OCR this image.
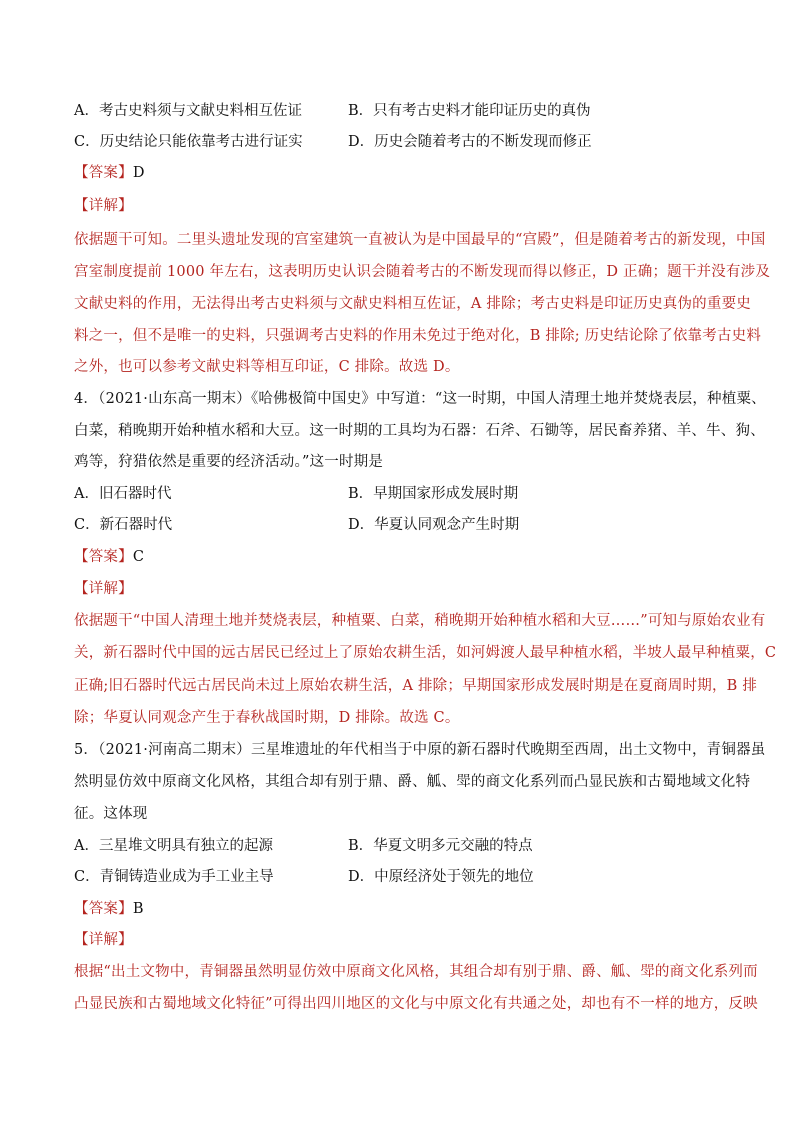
A．考古史料须与文献史料相互佐证	B．只有考古史料才能印证历史的真伪
C．历史结论只能依靠考古进行证实	D．历史会随着考古的不断发现而修正
【答案】D
【详解】
依据题干可知。二里头遗址发现的宫室建筑一直被认为是中国最早的“宫殿”，但是随着考古的新发现，中国
宫室制度提前 1000 年左右，这表明历史认识会随着考古的不断发现而得以修正，D 正确；题干并没有涉及
文献史料的作用，无法得出考古史料须与文献史料相互佐证，A 排除；考古史料是印证历史真伪的重要史
料之一，但不是唯一的史料，只强调考古史料的作用未免过于绝对化，B 排除; 历史结论除了依靠考古史料
之外，也可以参考文献史料等相互印证，C 排除。故选 D。
4．（2021·山东高一期末）《哈佛极简中国史》中写道：“这一时期，中国人清理土地并焚烧表层，种植粟、
白菜，稍晚期开始种植水稻和大豆。这一时期的工具均为石器：石斧、石锄等，居民畜养猪、羊、牛、狗、
鸡等，狩猎依然是重要的经济活动。”这一时期是
A．旧石器时代	B．早期国家形成发展时期
C．新石器时代	D．华夏认同观念产生时期
【答案】C
【详解】
依据题干“中国人清理土地并焚烧表层，种植粟、白菜，稍晚期开始种植水稻和大豆……”可知与原始农业有
关，新石器时代中国的远古居民已经过上了原始农耕生活，如河姆渡人最早种植水稻，半坡人最早种植粟，C
正确;旧石器时代远古居民尚未过上原始农耕生活，A 排除；早期国家形成发展时期是在夏商周时期，B 排
除；华夏认同观念产生于春秋战国时期，D 排除。故选 C。
5．（2021·河南高二期末）三星堆遗址的年代相当于中原的新石器时代晚期至西周，出土文物中，青铜器虽
然明显仿效中原商文化风格，其组合却有别于鼎、爵、觚、斝的商文化系列而凸显民族和古蜀地域文化特
征。这体现
A．三星堆文明具有独立的起源	B．华夏文明多元交融的特点
C．青铜铸造业成为手工业主导	D．中原经济处于领先的地位
【答案】B
【详解】
根据“出土文物中，青铜器虽然明显仿效中原商文化风格，其组合却有别于鼎、爵、觚、斝的商文化系列而
凸显民族和古蜀地域文化特征”可得出四川地区的文化与中原文化有共通之处，却也有不一样的地方，反映
